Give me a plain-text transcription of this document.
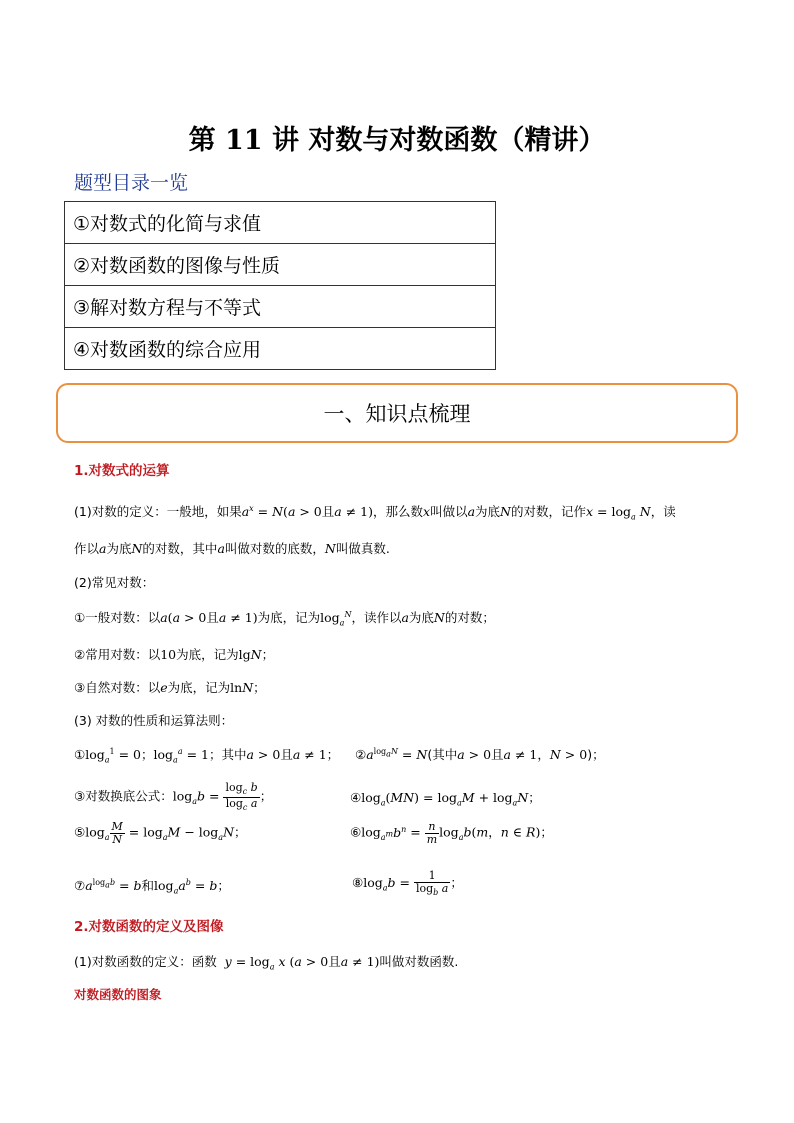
第 11 讲 对数与对数函数（精讲）
题型目录一览
①对数式的化简与求值
②对数函数的图像与性质
③解对数方程与不等式
④对数函数的综合应用
一、知识点梳理
1.对数式的运算
(1)对数的定义：一般地，如果$a^x = N(a > 0$且a ≠ 1)，那么数x叫做以a为底N的对数，记作$x = \log_a N$，读
作以a为底N的对数，其中a叫做对数的底数，N叫做真数.
(2)常见对数：
①一般对数：以a(a > 0且a ≠ 1)为底，记为$\log_a^N$，读作以a为底N的对数；
②常用对数：以10为底，记为lgN；
③自然对数：以e为底，记为lnN；
(3) 对数的性质和运算法则：
$①\log_a^1 = 0$；$\log_a^a = 1$；其中a > 0且a ≠ 1； $②a^{log_aN} = N$(其中a > 0且a ≠ 1，N > 0)；
③对数换底公式：$\log_ab = \frac{\log_c b}{\log_c a}$ ；	$④\log_a(MN) = \log_aM + \log_aN$；
$⑤\log_a \frac{M}{N} = \log_aM - \log_aN$；	$⑥\log_{a^m}b^n = \frac{n}{m} \log_ab(m$，n ∈ R)；
$⑦a^{log_ab} = b$和$\log_aa^b = b$；	$⑧\log_ab = \frac{1}{\log_b a}$ ；
2.对数函数的定义及图像
(1)对数函数的定义：函数 $y = \log_a x$ (a > 0且a ≠ 1)叫做对数函数.
对数函数的图象
